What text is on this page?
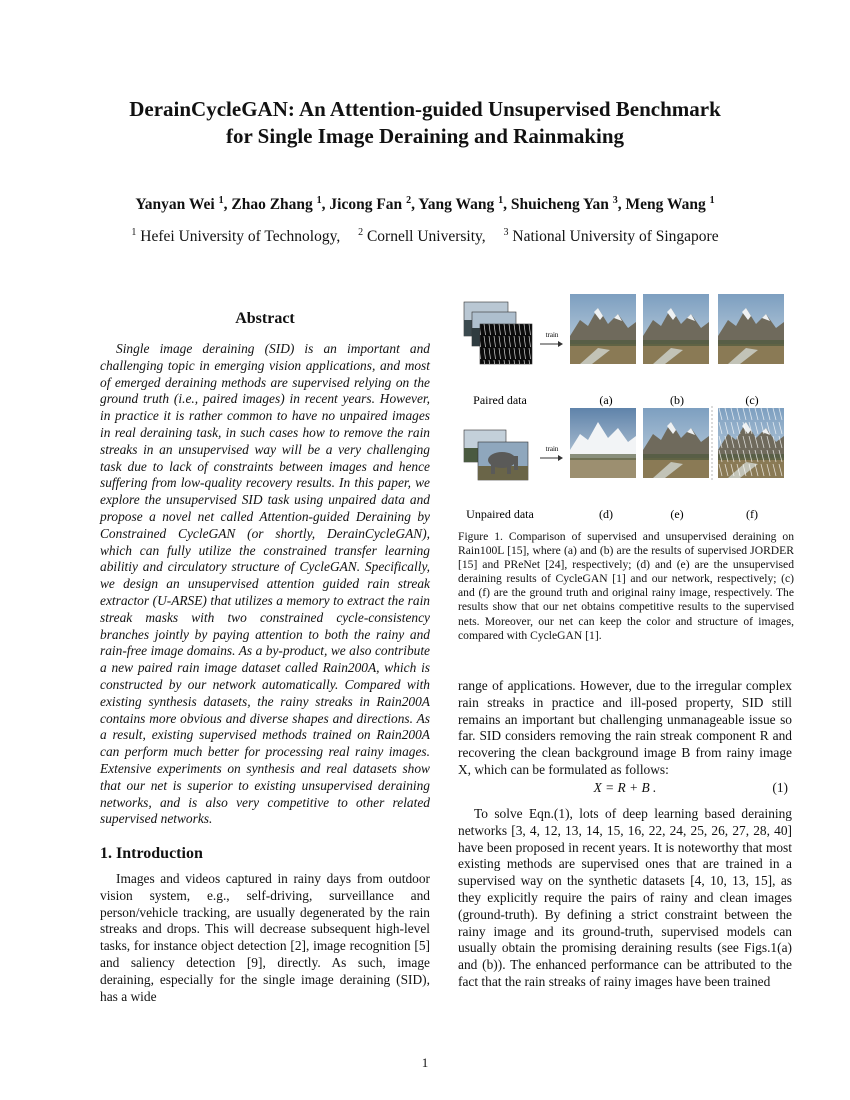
DerainCycleGAN: An Attention-guided Unsupervised Benchmark
for Single Image Deraining and Rainmaking
Yanyan Wei $^1$, Zhao Zhang $^1$, Jicong Fan $^2$, Yang Wang $^1$, Shuicheng Yan $^3$, Meng Wang $^1$
$^1$ Hefei University of Technology, $^2$ Cornell University, $^3$ National University of Singapore
Abstract

Single image deraining (SID) is an important and challenging topic in emerging vision applications, and most of emerged deraining methods are supervised relying on the ground truth (i.e., paired images) in recent years. However, in practice it is rather common to have no unpaired images in real deraining task, in such cases how to remove the rain streaks in an unsupervised way will be a very challenging task due to lack of constraints between images and hence suffering from low-quality recovery results. In this paper, we explore the unsupervised SID task using unpaired data and propose a novel net called Attention-guided Deraining by Constrained CycleGAN (or shortly, DerainCycleGAN), which can fully utilize the constrained transfer learning abilitiy and circulatory structure of CycleGAN. Specifically, we design an unsupervised attention guided rain streak extractor (U-ARSE) that utilizes a memory to extract the rain streak masks with two constrained cycle-consistency branches jointly by paying attention to both the rainy and rain-free image domains. As a by-product, we also contribute a new paired rain image dataset called Rain200A, which is constructed by our network automatically. Compared with existing synthesis datasets, the rainy streaks in Rain200A contains more obvious and diverse shapes and directions. As a result, existing supervised methods trained on Rain200A can perform much better for processing real rainy images. Extensive experiments on synthesis and real datasets show that our net is superior to existing unsupervised deraining networks, and is also very competitive to other related supervised networks.

1. Introduction

Images and videos captured in rainy days from outdoor vision system, e.g., self-driving, surveillance and person/vehicle tracking, are usually degenerated by the rain streaks and drops. This will decrease subsequent high-level tasks, for instance object detection [2], image recognition [5] and saliency detection [9], directly. As such, image deraining, especially for the single image deraining (SID), has a wide

train
Paired data	(a)	(b)	(c)
train
Unpaired data	(d)	(e)	(f)

Figure 1. Comparison of supervised and unsupervised deraining on Rain100L [15], where (a) and (b) are the results of supervised JORDER [15] and PReNet [24], respectively; (d) and (e) are the unsupervised deraining results of CycleGAN [1] and our network, respectively; (c) and (f) are the ground truth and original rainy image, respectively. The results show that our net obtains competitive results to the supervised nets. Moreover, our net can keep the color and structure of images, compared with CycleGAN [1].

range of applications. However, due to the irregular complex rain streaks in practice and ill-posed property, SID still remains an important but challenging unmanageable issue so far. SID considers removing the rain streak component R and recovering the clean background image B from rainy image X, which can be formulated as follows:

X = R + B .	(1)

To solve Eqn.(1), lots of deep learning based deraining networks [3, 4, 12, 13, 14, 15, 16, 22, 24, 25, 26, 27, 28, 40] have been proposed in recent years. It is noteworthy that most existing methods are supervised ones that are trained in a supervised way on the synthetic datasets [4, 10, 13, 15], as they explicitly require the pairs of rainy and clean images (ground-truth). By defining a strict constraint between the rainy image and its ground-truth, supervised models can usually obtain the promising deraining results (see Figs.1(a) and (b)). The enhanced performance can be attributed to the fact that the rain streaks of rainy images have been trained

1
